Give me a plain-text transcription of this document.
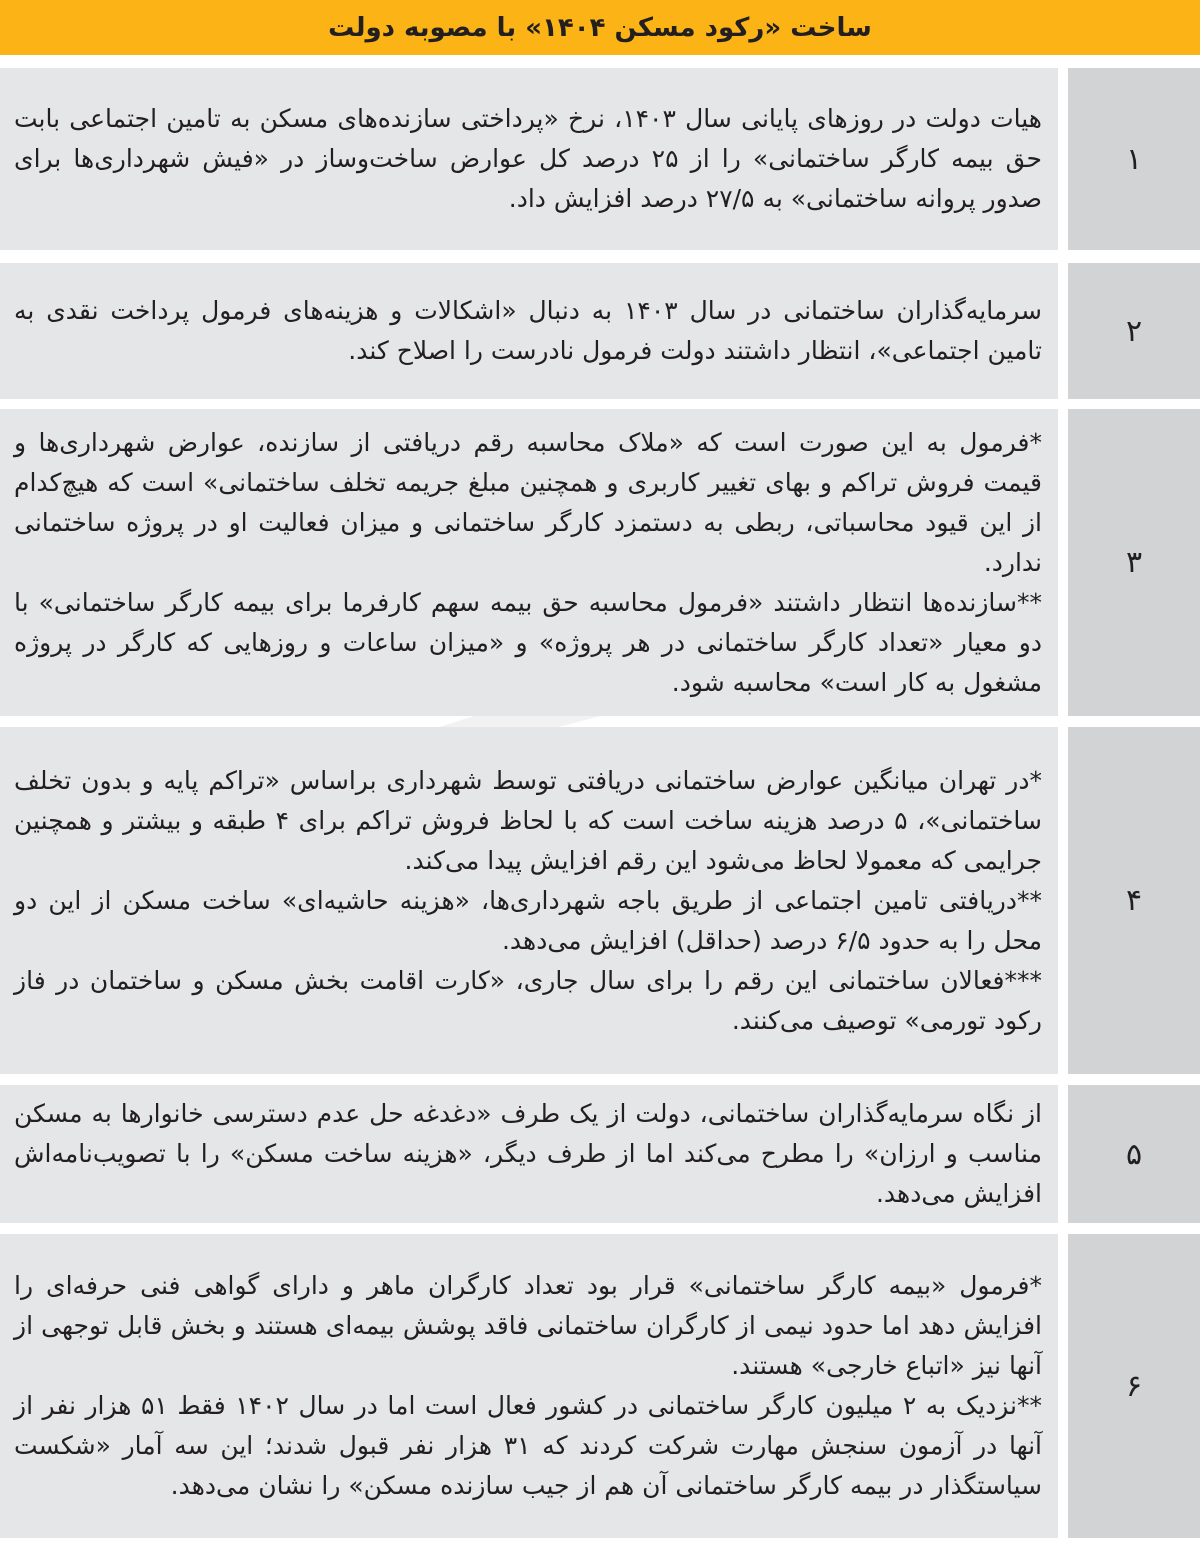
ساخت «رکود مسکن ۱۴۰۴» با مصوبه دولت

هیات دولت در روزهای پایانی سال ۱۴۰۳، نرخ «پرداختی سازنده‌های مسکن به تامین اجتماعی بابت حق بیمه کارگر ساختمانی» را از ۲۵ درصد کل عوارض ساخت‌وساز در «فیش شهرداری‌ها برای صدور پروانه ساختمانی» به ۲۷/۵ درصد افزایش داد.

۱

سرمایه‌گذاران ساختمانی در سال ۱۴۰۳ به دنبال «اشکالات و هزینه‌های فرمول پرداخت نقدی به تامین اجتماعی»، انتظار داشتند دولت فرمول نادرست را اصلاح کند.

۲

*فرمول به این صورت است که «ملاک محاسبه رقم دریافتی از سازنده، عوارض شهرداری‌ها و قیمت فروش تراکم و بهای تغییر کاربری و همچنین مبلغ جریمه تخلف ساختمانی» است که هیچ‌کدام از این قیود محاسباتی، ربطی به دستمزد کارگر ساختمانی و میزان فعالیت او در پروژه ساختمانی ندارد.

**سازنده‌ها انتظار داشتند «فرمول محاسبه حق بیمه سهم کارفرما برای بیمه کارگر ساختمانی» با دو معیار «تعداد کارگر ساختمانی در هر پروژه» و «میزان ساعات و روزهایی که کارگر در پروژه مشغول به کار است» محاسبه شود.

۳

*در تهران میانگین عوارض ساختمانی دریافتی توسط شهرداری براساس «تراکم پایه و بدون تخلف ساختمانی»، ۵ درصد هزینه ساخت است که با لحاظ فروش تراکم برای ۴ طبقه و بیشتر و همچنین جرایمی که معمولا لحاظ می‌شود این رقم افزایش پیدا می‌کند.

**دریافتی تامین اجتماعی از طریق باجه شهرداری‌ها، «هزینه حاشیه‌ای» ساخت مسکن از این دو محل را به حدود ۶/۵ درصد (حداقل) افزایش می‌دهد.

***فعالان ساختمانی این رقم را برای سال جاری، «کارت اقامت بخش مسکن و ساختمان در فاز رکود تورمی» توصیف می‌کنند.

۴

از نگاه سرمایه‌گذاران ساختمانی، دولت از یک طرف «دغدغه حل عدم دسترسی خانوارها به مسکن مناسب و ارزان» را مطرح می‌کند اما از طرف دیگر، «هزینه ساخت مسکن» را با تصویب‌نامه‌اش افزایش می‌دهد.

۵

*فرمول «بیمه کارگر ساختمانی» قرار بود تعداد کارگران ماهر و دارای گواهی فنی حرفه‌ای را افزایش دهد اما حدود نیمی از کارگران ساختمانی فاقد پوشش بیمه‌ای هستند و بخش قابل توجهی از آنها نیز «اتباع خارجی» هستند.

**نزدیک به ۲ میلیون کارگر ساختمانی در کشور فعال است اما در سال ۱۴۰۲ فقط ۵۱ هزار نفر از آنها در آزمون سنجش مهارت شرکت کردند که ۳۱ هزار نفر قبول شدند؛ این سه آمار «شکست سیاستگذار در بیمه کارگر ساختمانی آن هم از جیب سازنده مسکن» را نشان می‌دهد.

۶
